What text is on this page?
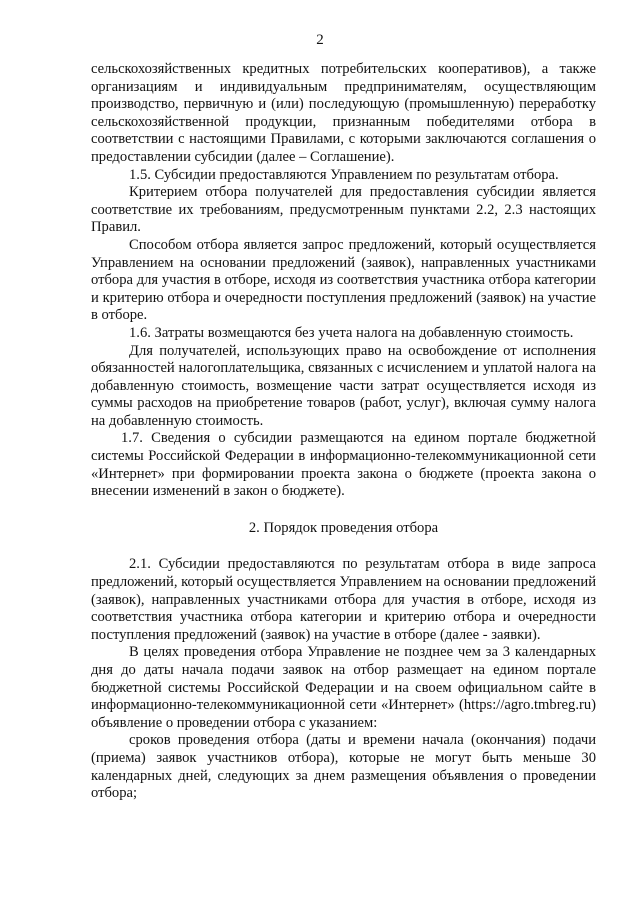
2

сельскохозяйственных кредитных потребительских кооперативов), а также организациям и индивидуальным предпринимателям, осуществляющим производство, первичную и (или) последующую (промышленную) переработку сельскохозяйственной продукции, признанным победителями отбора в соответствии с настоящими Правилами, с которыми заключаются соглашения о предоставлении субсидии (далее – Соглашение).

1.5. Субсидии предоставляются Управлением по результатам отбора.

Критерием отбора получателей для предоставления субсидии является соответствие их требованиям, предусмотренным пунктами 2.2, 2.3 настоящих Правил.

Способом отбора является запрос предложений, который осуществляется Управлением на основании предложений (заявок), направленных участниками отбора для участия в отборе, исходя из соответствия участника отбора категории и критерию отбора и очередности поступления предложений (заявок) на участие в отборе.

1.6. Затраты возмещаются без учета налога на добавленную стоимость.

Для получателей, использующих право на освобождение от исполнения обязанностей налогоплательщика, связанных с исчислением и уплатой налога на добавленную стоимость, возмещение части затрат осуществляется исходя из суммы расходов на приобретение товаров (работ, услуг), включая сумму налога на добавленную стоимость.

1.7. Сведения о субсидии размещаются на едином портале бюджетной системы Российской Федерации в информационно-телекоммуникационной сети «Интернет» при формировании проекта закона о бюджете (проекта закона о внесении изменений в закон о бюджете).

2. Порядок проведения отбора

2.1. Субсидии предоставляются по результатам отбора в виде запроса предложений, который осуществляется Управлением на основании предложений (заявок), направленных участниками отбора для участия в отборе, исходя из соответствия участника отбора категории и критерию отбора и очередности поступления предложений (заявок) на участие в отборе (далее - заявки).

В целях проведения отбора Управление не позднее чем за 3 календарных дня до даты начала подачи заявок на отбор размещает на едином портале бюджетной системы Российской Федерации и на своем официальном сайте в информационно-телекоммуникационной сети «Интернет» (https://agro.tmbreg.ru) объявление о проведении отбора с указанием:

сроков проведения отбора (даты и времени начала (окончания) подачи (приема) заявок участников отбора), которые не могут быть меньше 30 календарных дней, следующих за днем размещения объявления о проведении отбора;
